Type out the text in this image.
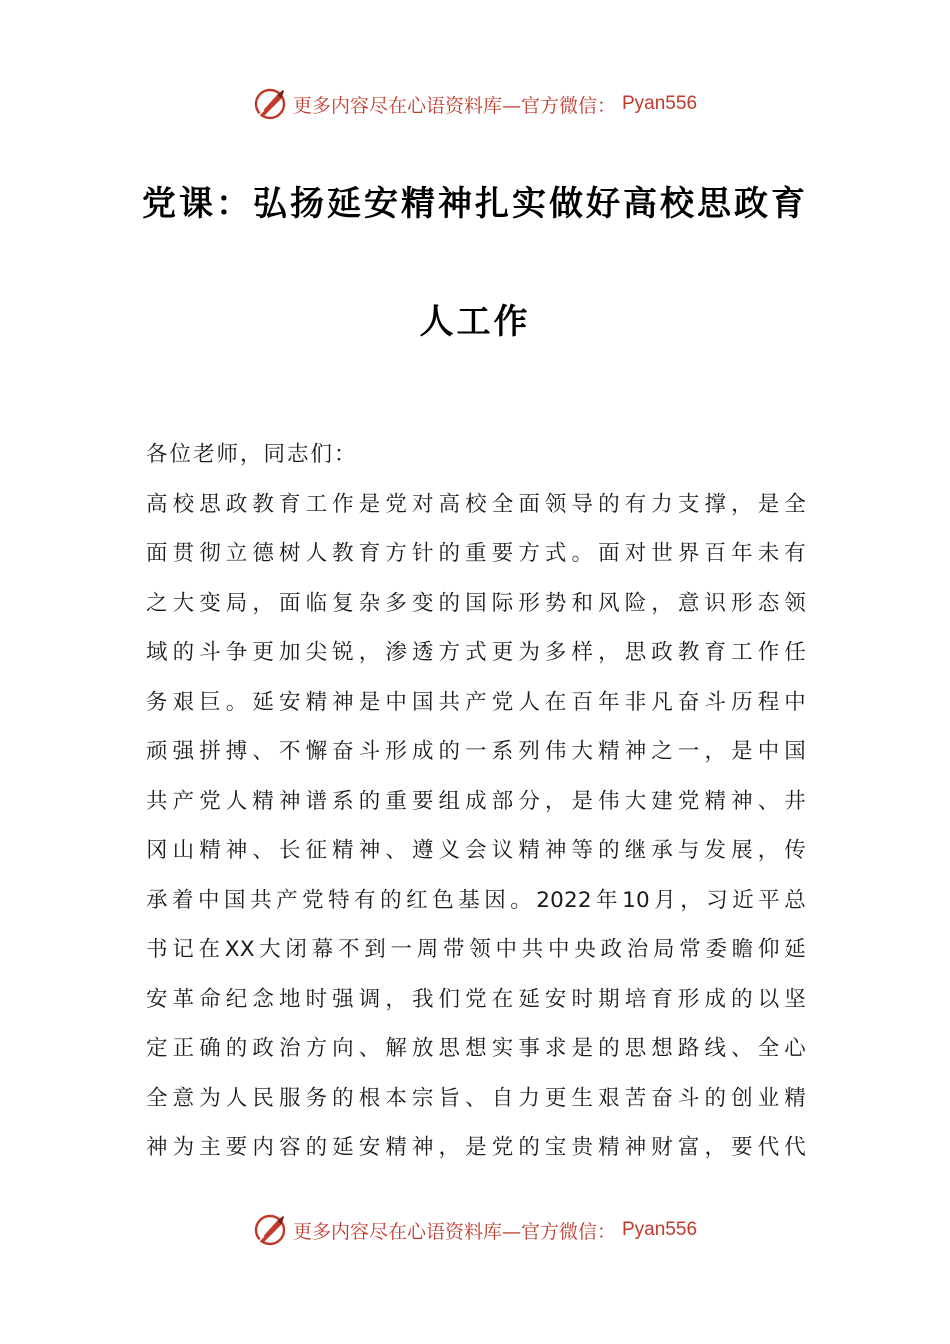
更多内容尽在心语资料库—官方微信： Pyan556
党课：弘扬延安精神扎实做好高校思政育
人工作
各位老师，同志们：
高校思政教育工作是党对高校全面领导的有力支撑，是全
面贯彻立德树人教育方针的重要方式。面对世界百年未有
之大变局，面临复杂多变的国际形势和风险，意识形态领
域的斗争更加尖锐，渗透方式更为多样，思政教育工作任
务艰巨。延安精神是中国共产党人在百年非凡奋斗历程中
顽强拼搏、不懈奋斗形成的一系列伟大精神之一，是中国
共产党人精神谱系的重要组成部分，是伟大建党精神、井
冈山精神、长征精神、遵义会议精神等的继承与发展，传
承着中国共产党特有的红色基因。2022年10月，习近平总
书记在XX大闭幕不到一周带领中共中央政治局常委瞻仰延
安革命纪念地时强调，我们党在延安时期培育形成的以坚
定正确的政治方向、解放思想实事求是的思想路线、全心
全意为人民服务的根本宗旨、自力更生艰苦奋斗的创业精
神为主要内容的延安精神，是党的宝贵精神财富，要代代
更多内容尽在心语资料库—官方微信： Pyan556
